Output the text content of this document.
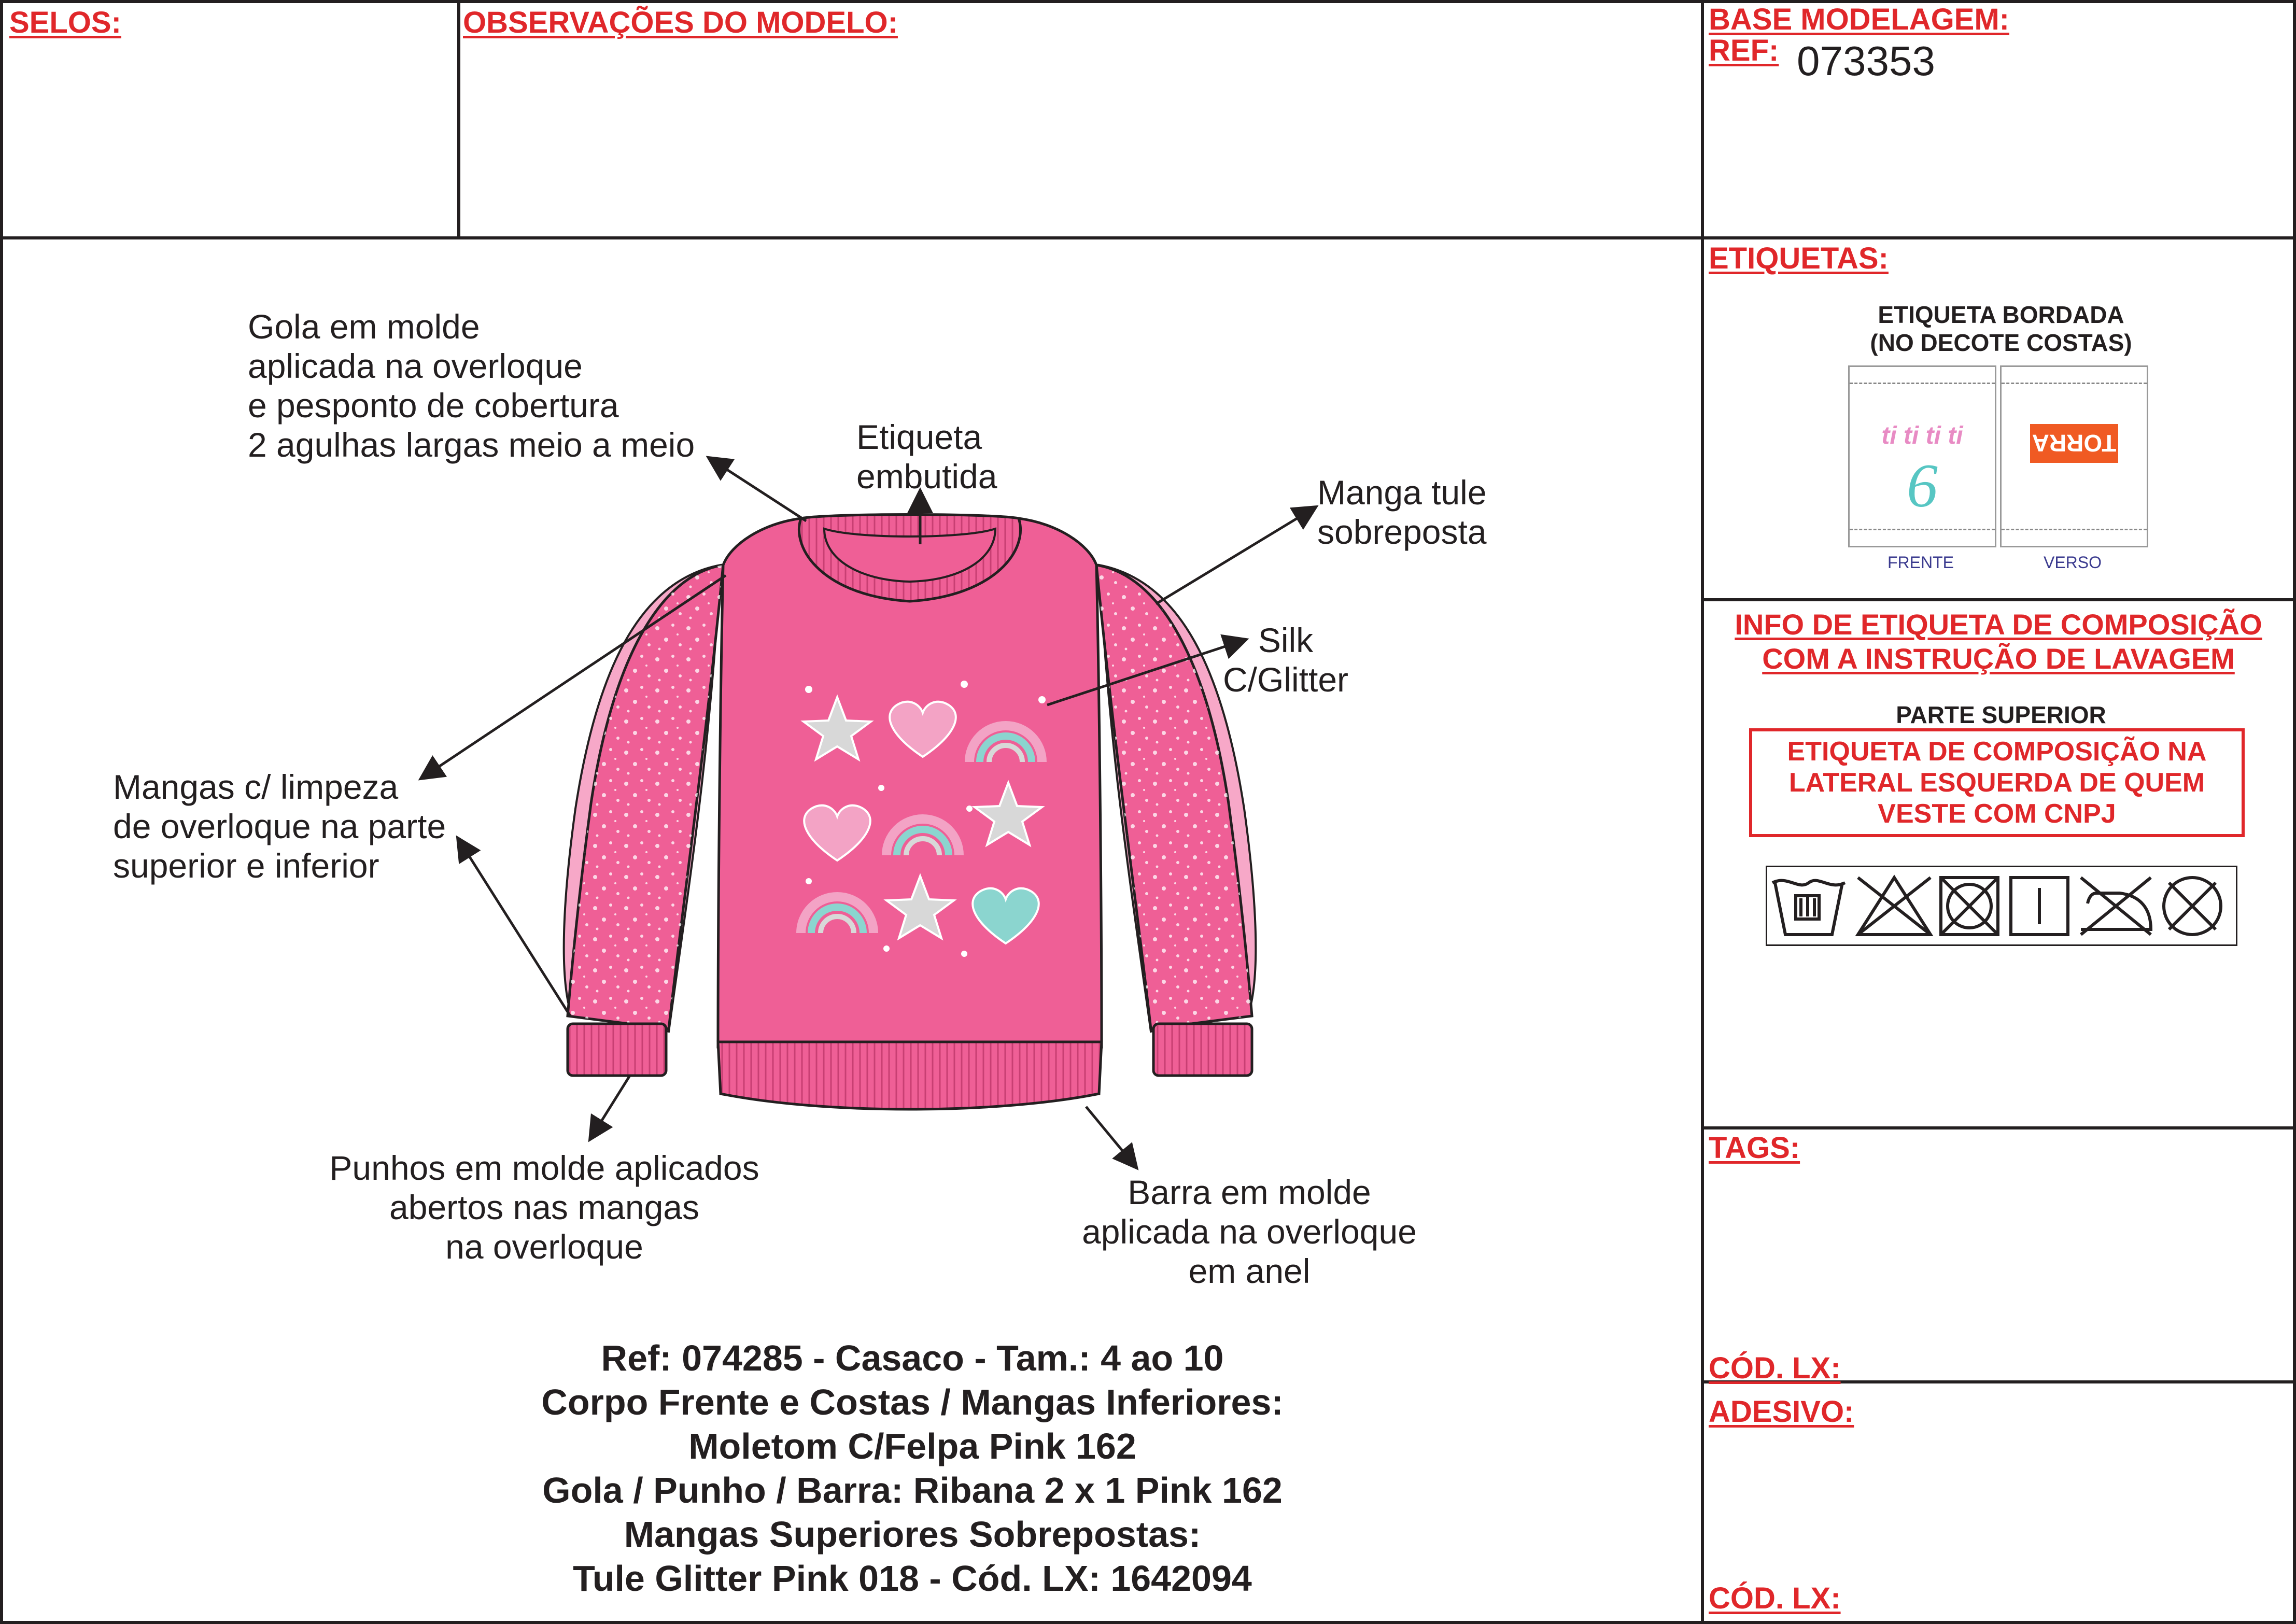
SELOS:	OBSERVAÇÕES DO MODELO:	BASE MODELAGEM:
REF: 073353
Gola em molde
aplicada na overloque
e pesponto de cobertura
2 agulhas largas meio a meio	Etiqueta
embutida	Manga tule
sobreposta
Silk
C/Glitter
Mangas c/ limpeza
de overloque na parte
superior e inferior
Punhos em molde aplicados
abertos nas mangas
na overloque
Barra em molde
aplicada na overloque
em anel
Ref: 074285 - Casaco - Tam.: 4 ao 10
Corpo Frente e Costas / Mangas Inferiores:
Moletom C/Felpa Pink 162
Gola / Punho / Barra: Ribana 2 x 1 Pink 162
Mangas Superiores Sobrepostas:
Tule Glitter Pink 018 - Cód. LX: 1642094
ETIQUETAS:
ETIQUETA BORDADA
(NO DECOTE COSTAS)
ti ti ti ti
6
FRENTE
TORRA
VERSO
INFO DE ETIQUETA DE COMPOSIÇÃO
COM A INSTRUÇÃO DE LAVAGEM
PARTE SUPERIOR
ETIQUETA DE COMPOSIÇÃO NA LATERAL ESQUERDA DE QUEM VESTE COM CNPJ
TAGS:
CÓD. LX:
ADESIVO:
CÓD. LX:
